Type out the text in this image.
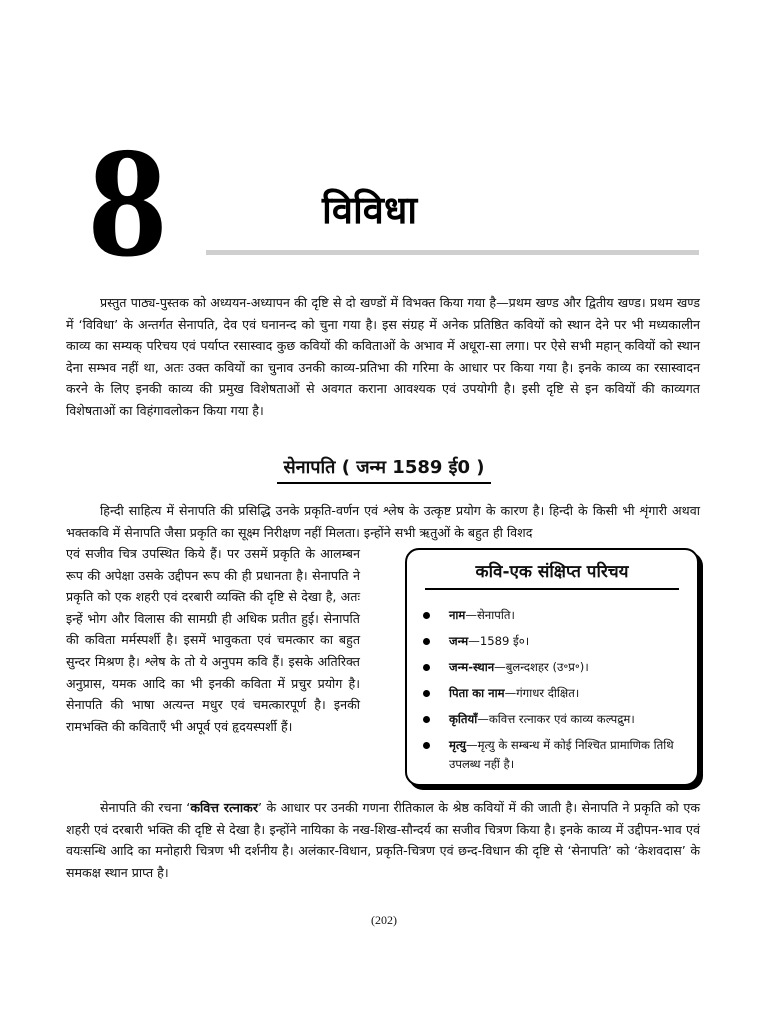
8	विविधा

प्रस्तुत पाठ्य-पुस्तक को अध्ययन-अध्यापन की दृष्टि से दो खण्डों में विभक्त किया गया है—प्रथम खण्ड और द्वितीय खण्ड। प्रथम खण्ड में ‘विविधा’ के अन्तर्गत सेनापति, देव एवं घनानन्द को चुना गया है। इस संग्रह में अनेक प्रतिष्ठित कवियों को स्थान देने पर भी मध्यकालीन काव्य का सम्यक् परिचय एवं पर्याप्त रसास्वाद कुछ कवियों की कविताओं के अभाव में अधूरा-सा लगा। पर ऐसे सभी महान् कवियों को स्थान देना सम्भव नहीं था, अतः उक्त कवियों का चुनाव उनकी काव्य-प्रतिभा की गरिमा के आधार पर किया गया है। इनके काव्य का रसास्वादन करने के लिए इनकी काव्य की प्रमुख विशेषताओं से अवगत कराना आवश्यक एवं उपयोगी है। इसी दृष्टि से इन कवियों की काव्यगत विशेषताओं का विहंगावलोकन किया गया है।

सेनापति ( जन्म 1589 ई0 )

हिन्दी साहित्य में सेनापति की प्रसिद्धि उनके प्रकृति-वर्णन एवं श्लेष के उत्कृष्ट प्रयोग के कारण है। हिन्दी के किसी भी शृंगारी अथवा भक्तकवि में सेनापति जैसा प्रकृति का सूक्ष्म निरीक्षण नहीं मिलता। इन्होंने सभी ऋतुओं के बहुत ही विशद

एवं सजीव चित्र उपस्थित किये हैं। पर उसमें प्रकृति के आलम्बन रूप की अपेक्षा उसके उद्दीपन रूप की ही प्रधानता है। सेनापति ने प्रकृति को एक शहरी एवं दरबारी व्यक्ति की दृष्टि से देखा है, अतः इन्हें भोग और विलास की सामग्री ही अधिक प्रतीत हुई। सेनापति की कविता मर्मस्पर्शी है। इसमें भावुकता एवं चमत्कार का बहुत सुन्दर मिश्रण है। श्लेष के तो ये अनुपम कवि हैं। इसके अतिरिक्त अनुप्रास, यमक आदि का भी इनकी कविता में प्रचुर प्रयोग है। सेनापति की भाषा अत्यन्त मधुर एवं चमत्कारपूर्ण है। इनकी रामभक्ति की कविताएँ भी अपूर्व एवं हृदयस्पर्शी हैं।

कवि-एक संक्षिप्त परिचय
नाम—सेनापति।
जन्म—1589 ई०।
जन्म-स्थान—बुलन्दशहर (उ॰प्र॰)।
पिता का नाम—गंगाधर दीक्षित।
कृतियाँ—कवित्त रत्नाकर एवं काव्य कल्पद्रुम।
मृत्यु—मृत्यु के सम्बन्ध में कोई निश्चित प्रामाणिक तिथि उपलब्ध नहीं है।

सेनापति की रचना ‘कवित्त रत्नाकर’ के आधार पर उनकी गणना रीतिकाल के श्रेष्ठ कवियों में की जाती है। सेनापति ने प्रकृति को एक शहरी एवं दरबारी भक्ति की दृष्टि से देखा है। इन्होंने नायिका के नख-शिख-सौन्दर्य का सजीव चित्रण किया है। इनके काव्य में उद्दीपन-भाव एवं वयःसन्धि आदि का मनोहारी चित्रण भी दर्शनीय है। अलंकार-विधान, प्रकृति-चित्रण एवं छन्द-विधान की दृष्टि से ‘सेनापति’ को ‘केशवदास’ के समकक्ष स्थान प्राप्त है।

(202)
